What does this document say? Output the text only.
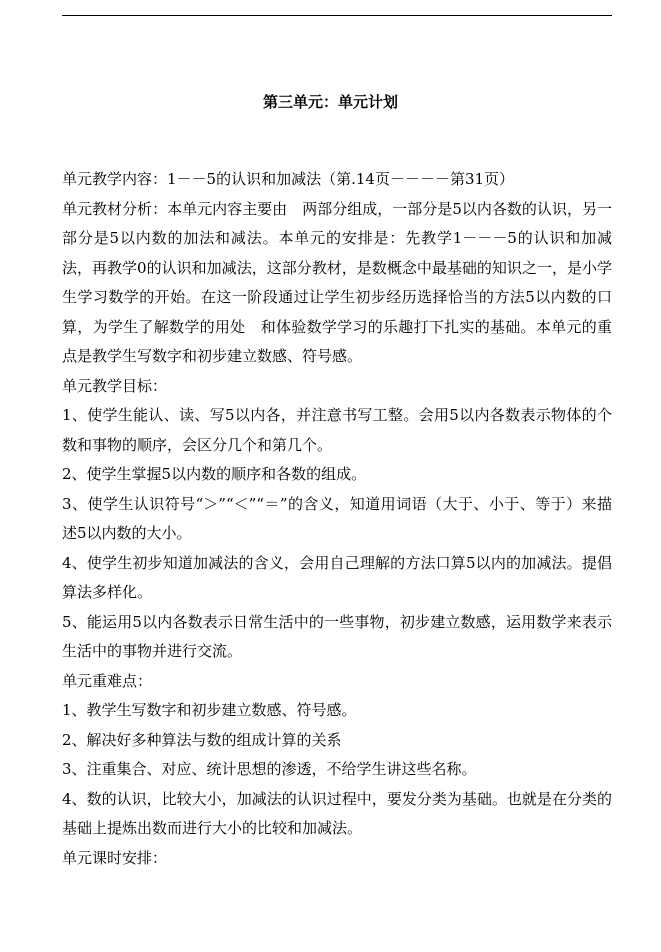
第三单元：单元计划

单元教学内容：1－－5的认识和加减法（第.14页－－－－第31页）

单元教材分析：本单元内容主要由　两部分组成，一部分是5以内各数的认识，另一部分是5以内数的加法和减法。本单元的安排是：先教学1－－－5的认识和加减法，再教学0的认识和加减法，这部分教材，是数概念中最基础的知识之一，是小学生学习数学的开始。在这一阶段通过让学生初步经历选择恰当的方法5以内数的口算，为学生了解数学的用处　和体验数学学习的乐趣打下扎实的基础。本单元的重点是教学生写数字和初步建立数感、符号感。

单元教学目标：

1、使学生能认、读、写5以内各，并注意书写工整。会用5以内各数表示物体的个数和事物的顺序，会区分几个和第几个。

2、使学生掌握5以内数的顺序和各数的组成。

3、使学生认识符号“＞”“＜”“＝”的含义，知道用词语（大于、小于、等于）来描述5以内数的大小。

4、使学生初步知道加减法的含义，会用自己理解的方法口算5以内的加减法。提倡算法多样化。

5、能运用5以内各数表示日常生活中的一些事物，初步建立数感，运用数学来表示生活中的事物并进行交流。

单元重难点：

1、教学生写数字和初步建立数感、符号感。

2、解决好多种算法与数的组成计算的关系

3、注重集合、对应、统计思想的渗透，不给学生讲这些名称。

4、数的认识，比较大小，加减法的认识过程中，要发分类为基础。也就是在分类的基础上提炼出数而进行大小的比较和加减法。

单元课时安排：
